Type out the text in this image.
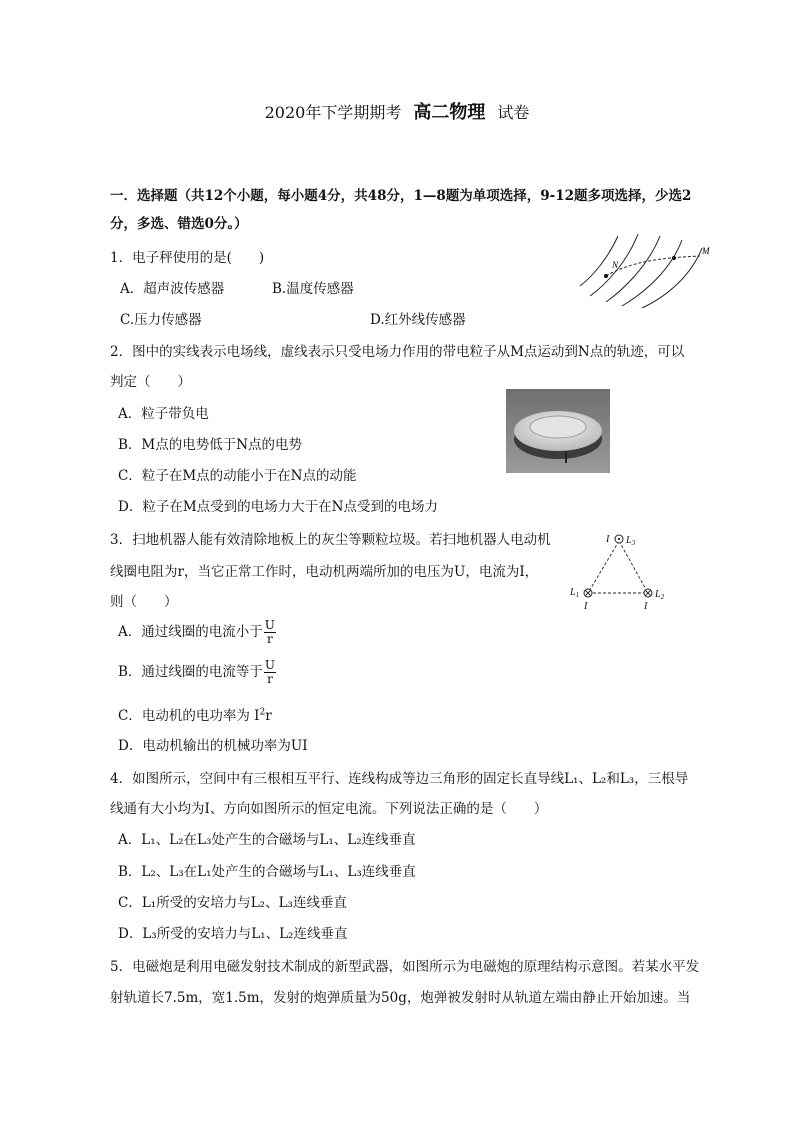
2020年下学期期考 高二物理 试卷
一．选择题（共12个小题，每小题4分，共48分，1—8题为单项选择，9-12题多项选择，少选2
分，多选、错选0分。）
1．电子秤使用的是(　　)
A．超声波传感器	B.温度传感器
C.压力传感器	D.红外线传感器
2．图中的实线表示电场线，虚线表示只受电场力作用的带电粒子从M点运动到N点的轨迹，可以
判定（　　）
A．粒子带负电
B．M点的电势低于N点的电势
C．粒子在M点的动能小于在N点的动能
D．粒子在M点受到的电场力大于在N点受到的电场力
3．扫地机器人能有效清除地板上的灰尘等颗粒垃圾。若扫地机器人电动机
线圈电阻为r，当它正常工作时，电动机两端所加的电压为U，电流为I，
则（　　）
A．通过线圈的电流小于 $\frac{U}{r}$
B．通过线圈的电流等于 $\frac{U}{r}$
C．电动机的电功率为 $I^2r$
D．电动机输出的机械功率为UI
4．如图所示，空间中有三根相互平行、连线构成等边三角形的固定长直导线L₁、L₂和L₃，三根导
线通有大小均为I、方向如图所示的恒定电流。下列说法正确的是（　　）
A．L₁、L₂在L₃处产生的合磁场与L₁、L₂连线垂直
B．L₂、L₃在L₁处产生的合磁场与L₁、L₃连线垂直
C．L₁所受的安培力与L₂、L₃连线垂直
D．L₃所受的安培力与L₁、L₂连线垂直
5．电磁炮是利用电磁发射技术制成的新型武器，如图所示为电磁炮的原理结构示意图。若某水平发
射轨道长7.5m，宽1.5m，发射的炮弹质量为50g，炮弹被发射时从轨道左端由静止开始加速。当
N
M
I $L_3$
$L_1$	$L_2$
I	I
